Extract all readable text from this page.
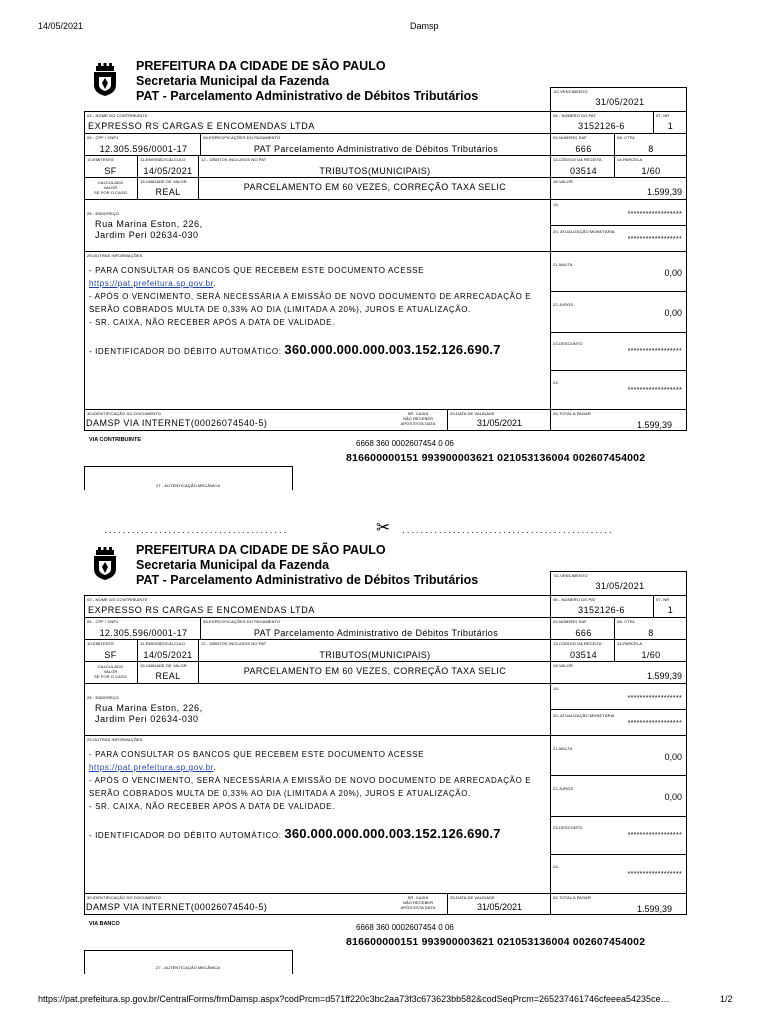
14/05/2021	Damsp
PREFEITURA DA CIDADE DE SÃO PAULO
Secretaria Municipal da Fazenda
PAT - Parcelamento Administrativo de Débitos Tributários	02-VENCIMENTO
31/05/2021
03 - NOME DO CONTRIBUINTE
EXPRESSO RS CARGAS E ENCOMENDAS LTDA
06 - NÚMERO DO PAT
3152126-6
07- NR
1
05 - CPF / CNPJ
12.305.596/0001-17
08-ESPECIFICAÇÕES DO PAGAMENTO
PAT Parcelamento Administrativo de Débitos Tributários
09-NÚMERO SAF
666
08- CTRL
8
10-EMITENTE
SF
11-EMISSÃO/CÁLCULO
14/05/2021
12 - DÉBITOS INCLUSOS NO PAT
TRIBUTOS(MUNICIPAIS)
13-CÓDIGO DA RECEITA
03514
14-PARCELA
1/60
CALCULADO
VALOR
SE FOR O CASO
15-UNIDADE DE VALOR
REAL	PARCELAMENTO EM 60 VEZES, CORREÇÃO TAXA SELIC
18-VALOR
1.599,39
19-
******************
28 - ENDEREÇO
Rua Marina Eston, 226,
Jardim Peri 02634-030	20- ATUALIZAÇÃO MONETÁRIA
******************
29-OUTRAS INFORMAÇÕES
- PARA CONSULTAR OS BANCOS QUE RECEBEM ESTE DOCUMENTO ACESSE
https://pat.prefeitura.sp.gov.br.
- APÓS O VENCIMENTO, SERÁ NECESSÁRIA A EMISSÃO DE NOVO DOCUMENTO DE ARRECADAÇÃO E
SERÃO COBRADOS MULTA DE 0,33% AO DIA (LIMITADA A 20%), JUROS E ATUALIZAÇÃO.
- SR. CAIXA, NÃO RECEBER APÓS A DATA DE VALIDADE.
- IDENTIFICADOR DO DÉBITO AUTOMÁTICO: 360.000.000.000.003.152.126.690.7
21-MULTA
0,00
22-JUROS
0,00
23-DESCONTO
******************
24-
******************
30-IDENTIFICAÇÃO DO DOCUMENTO
DAMSP VIA INTERNET(00026074540-5)
SR. CAIXA
NÃO RECEBER
APÓS ESTA DATA
25-DATA DE VALIDADE
31/05/2021
26-TOTAL A PAGAR
1.599,39
VIA CONTRIBUINTE	6668 360 0002607454 0 06
816600000151 993900003621 021053136004 002607454002
27 - AUTENTICAÇÃO MECÂNICA
········································	✂ ··············································
PREFEITURA DA CIDADE DE SÃO PAULO
Secretaria Municipal da Fazenda
PAT - Parcelamento Administrativo de Débitos Tributários	02-VENCIMENTO
31/05/2021
03 - NOME DO CONTRIBUINTE
EXPRESSO RS CARGAS E ENCOMENDAS LTDA
06 - NÚMERO DO PAT
3152126-6
07- NR
1
05 - CPF / CNPJ
12.305.596/0001-17
08-ESPECIFICAÇÕES DO PAGAMENTO
PAT Parcelamento Administrativo de Débitos Tributários
09-NÚMERO SAF
666
08- CTRL
8
10-EMITENTE
SF
11-EMISSÃO/CÁLCULO
14/05/2021
12 - DÉBITOS INCLUSOS NO PAT
TRIBUTOS(MUNICIPAIS)
13-CÓDIGO DA RECEITA
03514
14-PARCELA
1/60
CALCULADO
VALOR
SE FOR O CASO
15-UNIDADE DE VALOR
REAL	PARCELAMENTO EM 60 VEZES, CORREÇÃO TAXA SELIC
18-VALOR
1.599,39
19-
******************
28 - ENDEREÇO
Rua Marina Eston, 226,
Jardim Peri 02634-030	20- ATUALIZAÇÃO MONETÁRIA
******************
29-OUTRAS INFORMAÇÕES
- PARA CONSULTAR OS BANCOS QUE RECEBEM ESTE DOCUMENTO ACESSE
https://pat.prefeitura.sp.gov.br.
- APÓS O VENCIMENTO, SERÁ NECESSÁRIA A EMISSÃO DE NOVO DOCUMENTO DE ARRECADAÇÃO E
SERÃO COBRADOS MULTA DE 0,33% AO DIA (LIMITADA A 20%), JUROS E ATUALIZAÇÃO.
- SR. CAIXA, NÃO RECEBER APÓS A DATA DE VALIDADE.
- IDENTIFICADOR DO DÉBITO AUTOMÁTICO: 360.000.000.000.003.152.126.690.7
21-MULTA
0,00
22-JUROS
0,00
23-DESCONTO
******************
24-
******************
30-IDENTIFICAÇÃO DO DOCUMENTO
DAMSP VIA INTERNET(00026074540-5)
SR. CAIXA
NÃO RECEBER
APÓS ESTA DATA
25-DATA DE VALIDADE
31/05/2021
26-TOTAL A PAGAR
1.599,39
VIA BANCO	6668 360 0002607454 0 06
816600000151 993900003621 021053136004 002607454002
27 - AUTENTICAÇÃO MECÂNICA
https://pat.prefeitura.sp.gov.br/CentralForms/frmDamsp.aspx?codPrcm=d571ff220c3bc2aa73f3c673623bb582&codSeqPrcm=265237461746cfeeea54235ce…	1/2
